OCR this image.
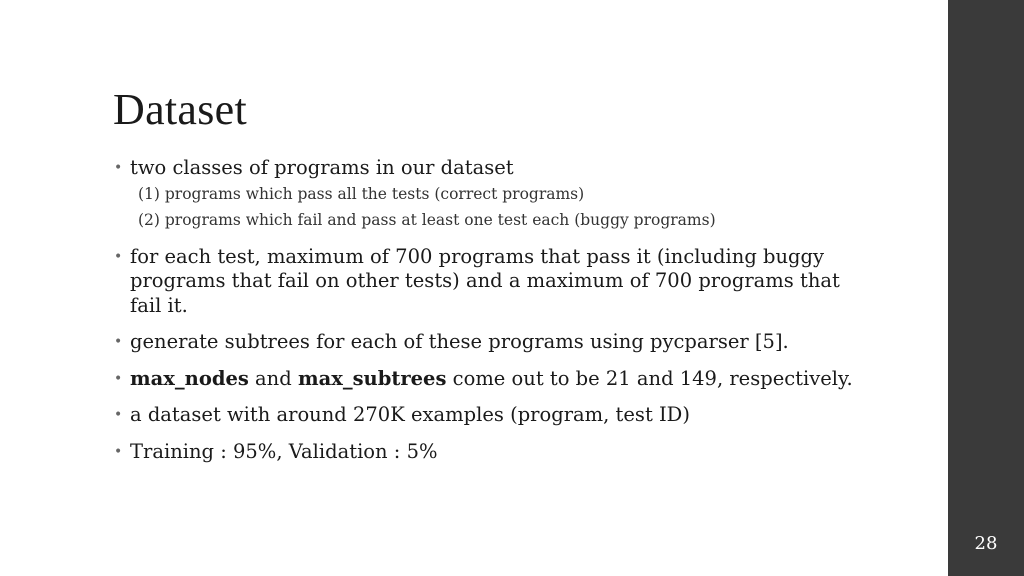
Dataset
• two classes of programs in our dataset
(1) programs which pass all the tests (correct programs)
(2) programs which fail and pass at least one test each (buggy programs)
• for each test, maximum of 700 programs that pass it (including buggy programs that fail on other tests) and a maximum of 700 programs that fail it.
• generate subtrees for each of these programs using pycparser [5].
• max_nodes and max_subtrees come out to be 21 and 149, respectively.
• a dataset with around 270K examples (program, test ID)
• Training : 95%, Validation : 5%
28
